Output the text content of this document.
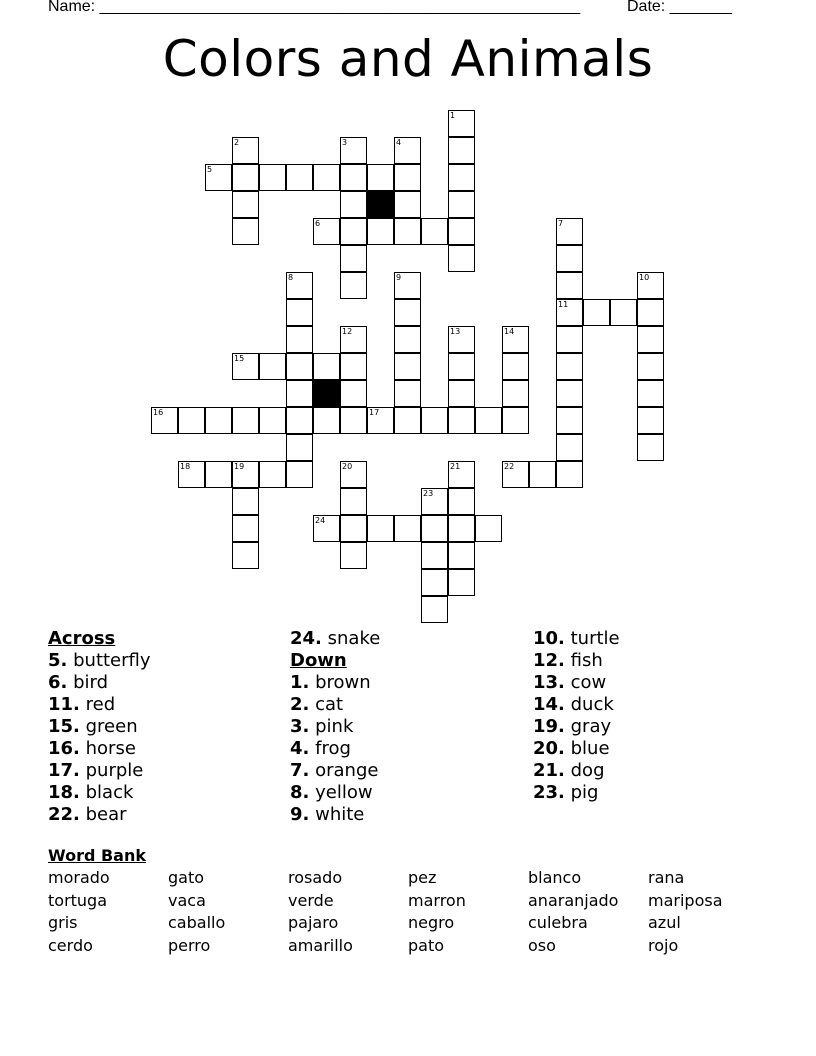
Name: ______________________________________________________	Date: _______
Colors and Animals
1
2	3	4
5
6	7
11
8	9	10
12	13	14
15
16	17
18	19	20	21	22
23
24
Across
5. butterfly
6. bird
11. red
15. green
16. horse
17. purple
18. black
22. bear
24. snake
Down
1. brown
2. cat
3. pink
4. frog
7. orange
8. yellow
9. white
10. turtle
12. fish
13. cow
14. duck
19. gray
20. blue
21. dog
23. pig
Word Bank
morado	gato	rosado	pez	blanco	rana
tortuga	vaca	verde	marron	anaranjado	mariposa
gris	caballo	pajaro	negro	culebra	azul
cerdo	perro	amarillo	pato	oso	rojo
